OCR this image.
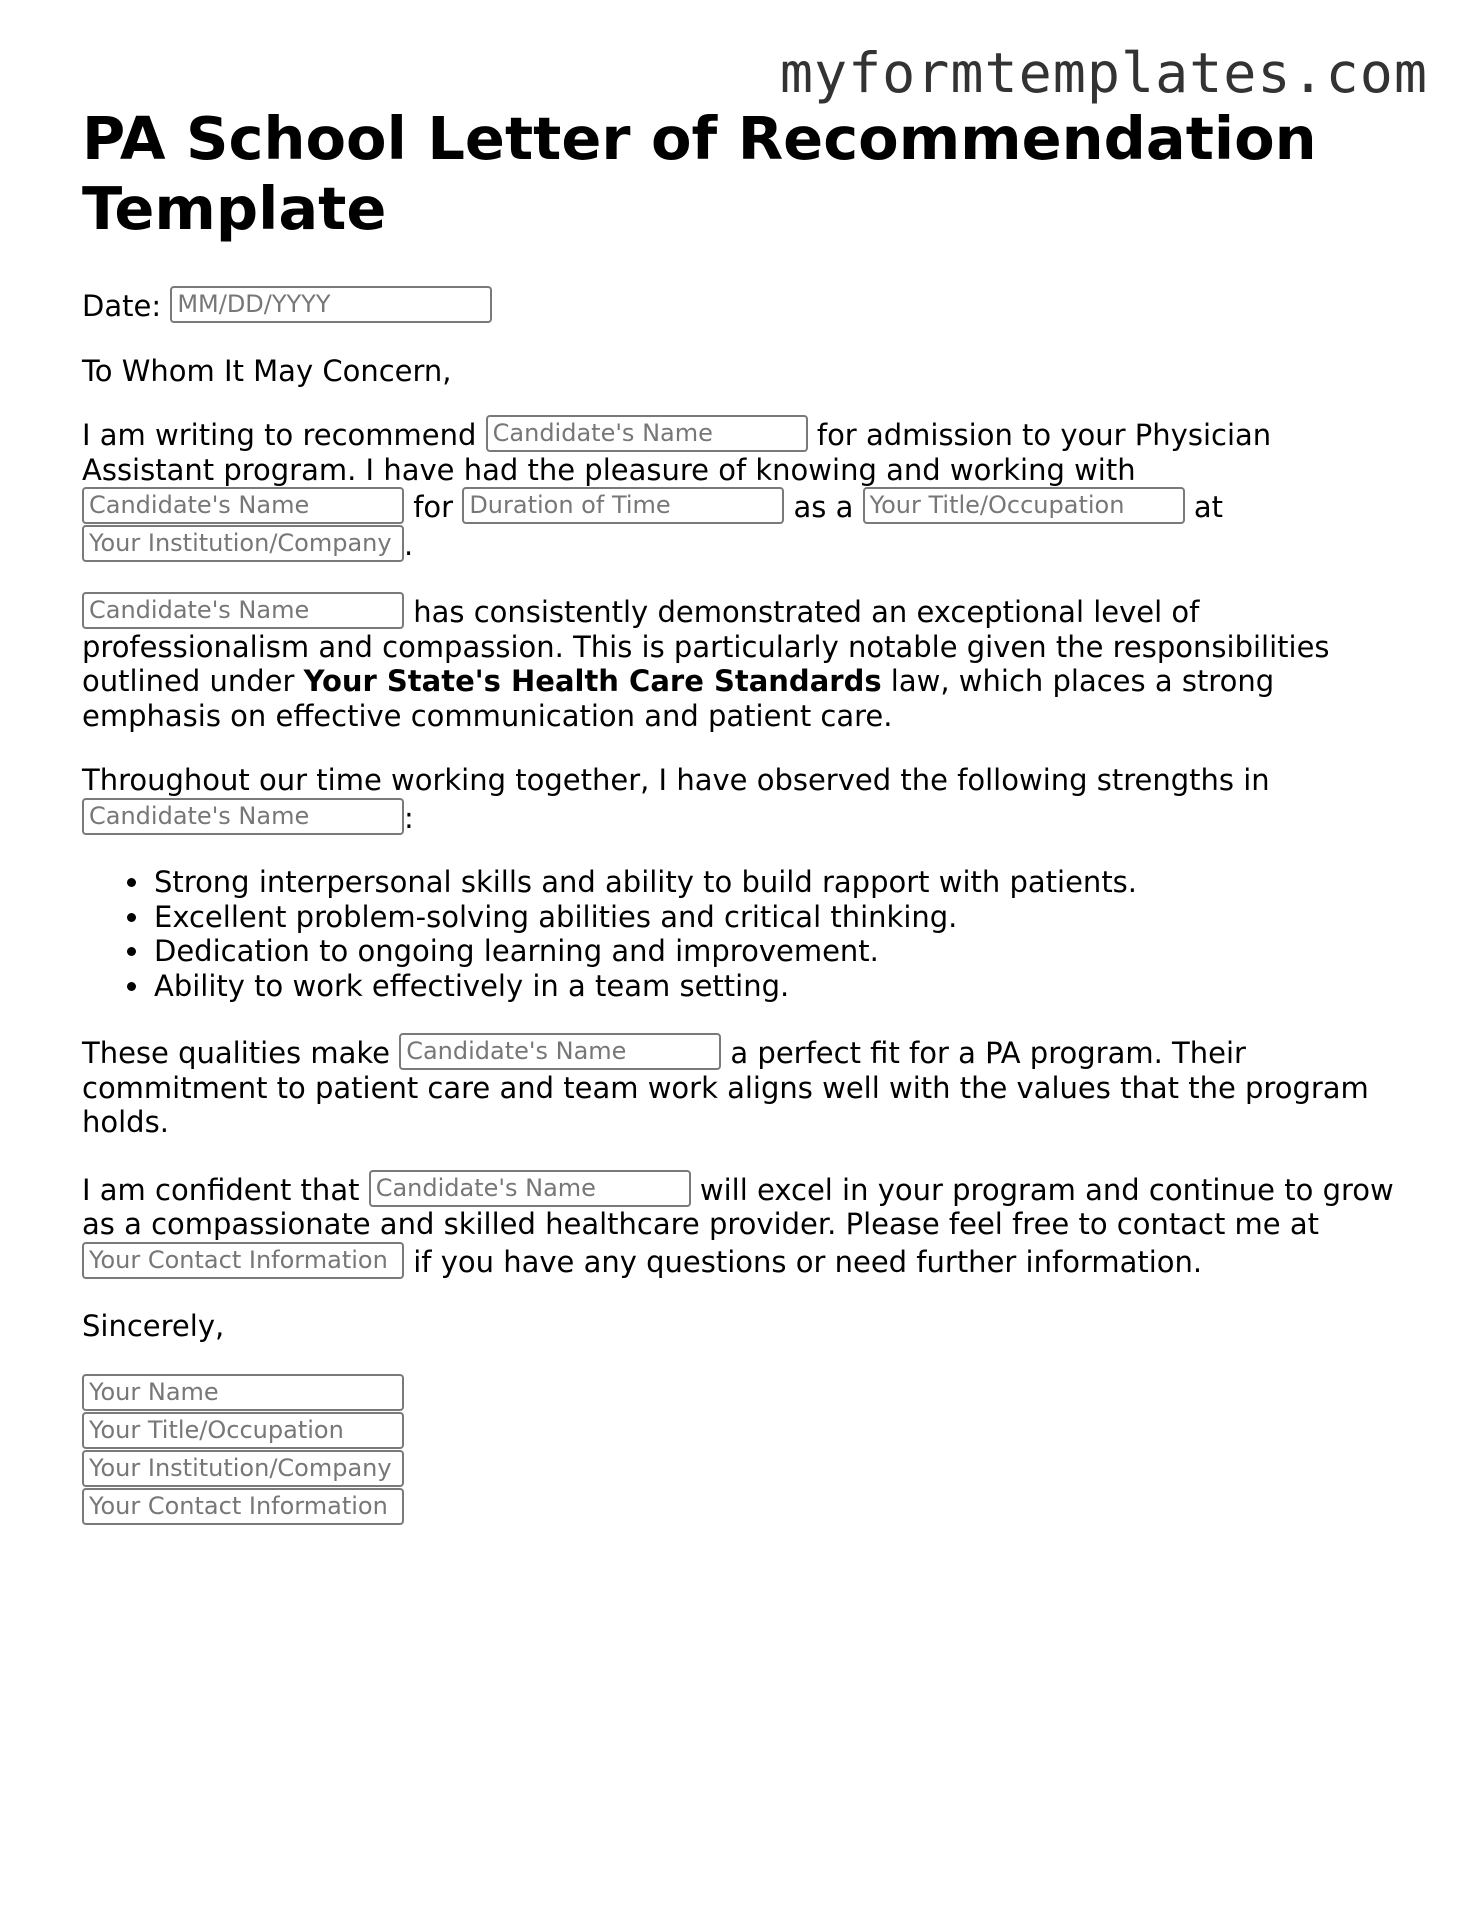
myformtemplates.com
PA School Letter of Recommendation Template

Date: MM/DD/YYYY

To Whom It May Concern,

I am writing to recommend Candidate's Name	for admission to your Physician Assistant program. I have had the pleasure of knowing and working with Candidate's Name	for Duration of Time	as a Your Title/Occupation at Your Institution/Company .

Candidate's Name	has consistently demonstrated an exceptional level of professionalism and compassion. This is particularly notable given the responsibilities outlined under Your State's Health Care Standards law, which places a strong emphasis on effective communication and patient care.

Throughout our time working together, I have observed the following strengths in Candidate's Name	:

• Strong interpersonal skills and ability to build rapport with patients.
• Excellent problem-solving abilities and critical thinking.
• Dedication to ongoing learning and improvement.
• Ability to work effectively in a team setting.

These qualities make Candidate's Name	a perfect fit for a PA program. Their commitment to patient care and team work aligns well with the values that the program holds.

I am confident that Candidate's Name	will excel in your program and continue to grow as a compassionate and skilled healthcare provider. Please feel free to contact me at Your Contact Information if you have any questions or need further information.

Sincerely,

Your Name
Your Title/Occupation
Your Institution/Company
Your Contact Information
